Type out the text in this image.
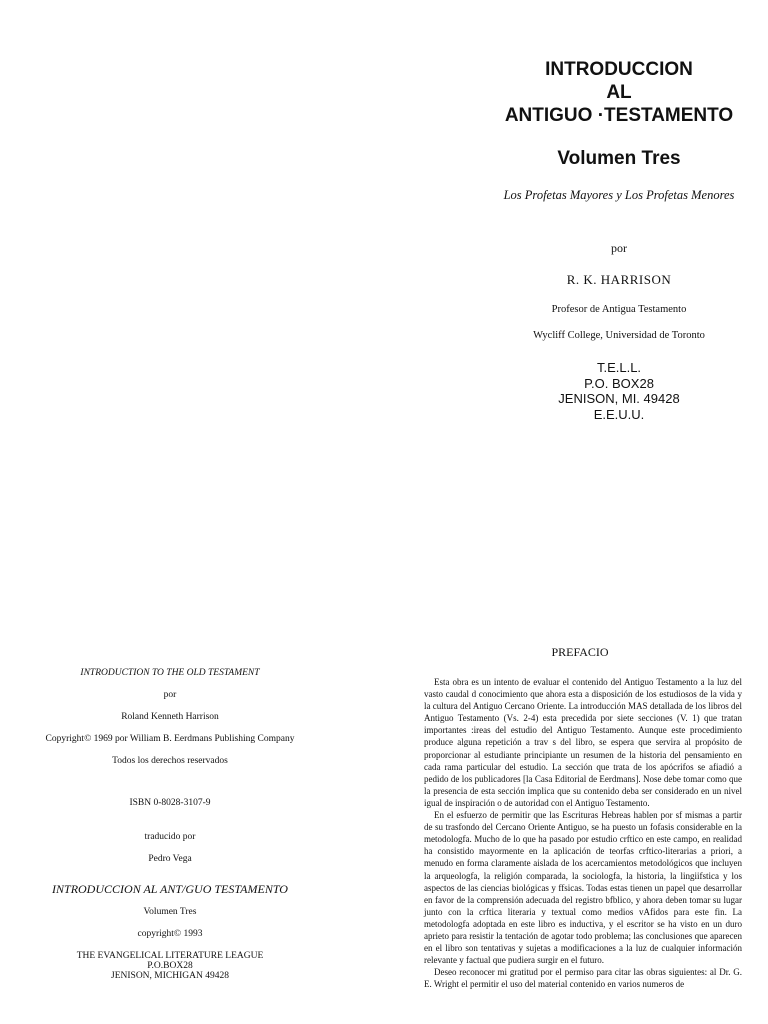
INTRODUCCION
AL
ANTIGUO ·TESTAMENTO
Volumen Tres
Los Profetas Mayores y Los Profetas Menores
por
R. K. HARRISON
Profesor de Antigua Testamento
Wycliff College, Universidad de Toronto
T.E.L.L.
P.O. BOX28
JENISON, MI. 49428
E.E.U.U.
INTRODUCTION TO THE OLD TESTAMENT
por
Roland Kenneth Harrison
Copyright© 1969 por William B. Eerdmans Publishing Company
Todos los derechos reservados
ISBN 0-8028-3107-9
traducido por
Pedro Vega
INTRODUCCION AL ANT/GUO TESTAMENTO
Volumen Tres
copyright© 1993
THE EVANGELICAL LITERATURE LEAGUE
P.O.BOX28
JENISON, MICHIGAN 49428
PREFACIO

Esta obra es un intento de evaluar el contenido del Antiguo Testamento a la luz del vasto caudal d conocimiento que ahora esta a disposición de los estudiosos de la vida y la cultura del Antiguo Cercano Oriente. La introducción MAS detallada de los libros del Antiguo Testamento (Vs. 2-4) esta precedida por siete secciones (V. 1) que tratan importantes :ireas del estudio del Antiguo Testamento. Aunque este procedimiento produce alguna repetición a trav s del libro, se espera que servira al propósito de proporcionar al estudiante principiante un resumen de la historia del pensamiento en cada rama particular del estudio. La sección que trata de los apócrifos se afiadió a pedido de los publicadores [la Casa Editorial de Eerdmans]. Nose debe tomar como que la presencia de esta sección implica que su contenido deba ser considerado en un nivel igual de inspiración o de autoridad con el Antiguo Testamento.

En el esfuerzo de permitir que las Escrituras Hebreas hablen por sf mismas a partir de su trasfondo del Cercano Oriente Antiguo, se ha puesto un fofasis considerable en la metodologfa. Mucho de lo que ha pasado por estudio crftico en este campo, en realidad ha consistido mayormente en la aplicación de teorfas crftico-literarias a priori, a menudo en forma claramente aislada de los acercamientos metodológicos que incluyen la arqueologfa, la religión comparada, la sociologfa, la historia, la lingiifstica y los aspectos de las ciencias biológicas y ffsicas. Todas estas tienen un papel que desarrollar en favor de la comprensión adecuada del registro bfblico, y ahora deben tomar su lugar junto con la crftica literaria y textual como medios vAfidos para este fin. La metodologfa adoptada en este libro es inductiva, y el escritor se ha visto en un duro aprieto para resistir la tentación de agotar todo problema; las conclusiones que aparecen en el libro son tentativas y sujetas a modificaciones a la luz de cualquier información relevante y factual que pudiera surgir en el futuro.

Deseo reconocer mi gratitud por el permiso para citar las obras siguientes: al Dr. G. E. Wright el permitir el uso del material contenido en varios numeros de
